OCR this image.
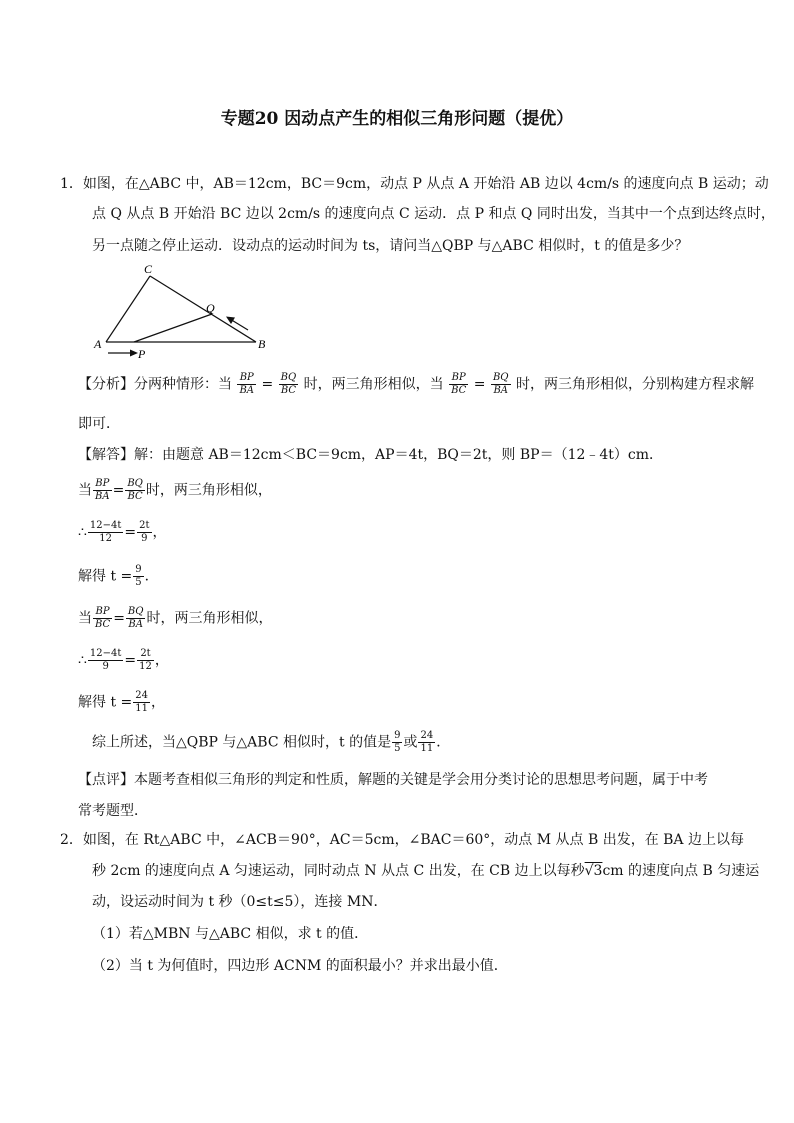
专题20 因动点产生的相似三角形问题（提优）
1．如图，在△ABC 中，AB＝12cm，BC＝9cm，动点 P 从点 A 开始沿 AB 边以 4cm/s 的速度向点 B 运动；动
点 Q 从点 B 开始沿 BC 边以 2cm/s 的速度向点 C 运动．点 P 和点 Q 同时出发，当其中一个点到达终点时，
另一点随之停止运动．设动点的运动时间为 ts，请问当△QBP 与△ABC 相似时，t 的值是多少？
C
Q
A
P
B
【分析】分两种情形：当 $\frac{BP}{BA} = \frac{BQ}{BC}$ 时，两三角形相似，当 $\frac{BP}{BC} = \frac{BQ}{BA}$ 时，两三角形相似，分别构建方程求解
即可．
【解答】解：由题意 AB＝12cm＜BC＝9cm，AP＝4t，BQ＝2t，则 BP＝（12﹣4t）cm．
当 $\frac{BP}{BA} = \frac{BQ}{BC}$ 时，两三角形相似，
∴ $\frac{12-4t}{12} = \frac{2t}{9}$ ，
解得 $t = \frac{9}{5}$ ．
当 $\frac{BP}{BC} = \frac{BQ}{BA}$ 时，两三角形相似，
∴ $\frac{12-4t}{9} = \frac{2t}{12}$ ，
解得 $t = \frac{24}{11}$ ，
综上所述，当△QBP 与△ABC 相似时，t 的值是 $\frac{9}{5}$ 或 $\frac{24}{11}$ ．
【点评】本题考查相似三角形的判定和性质，解题的关键是学会用分类讨论的思想思考问题，属于中考
常考题型．
2．如图，在 Rt△ABC 中，∠ACB＝90°，AC＝5cm，∠BAC＝60°，动点 M 从点 B 出发，在 BA 边上以每
秒 2cm 的速度向点 A 匀速运动，同时动点 N 从点 C 出发，在 CB 边上以每秒√3cm 的速度向点 B 匀速运
动，设运动时间为 t 秒（0≤t≤5），连接 MN．
（1）若△MBN 与△ABC 相似，求 t 的值．
（2）当 t 为何值时，四边形 ACNM 的面积最小？并求出最小值．
